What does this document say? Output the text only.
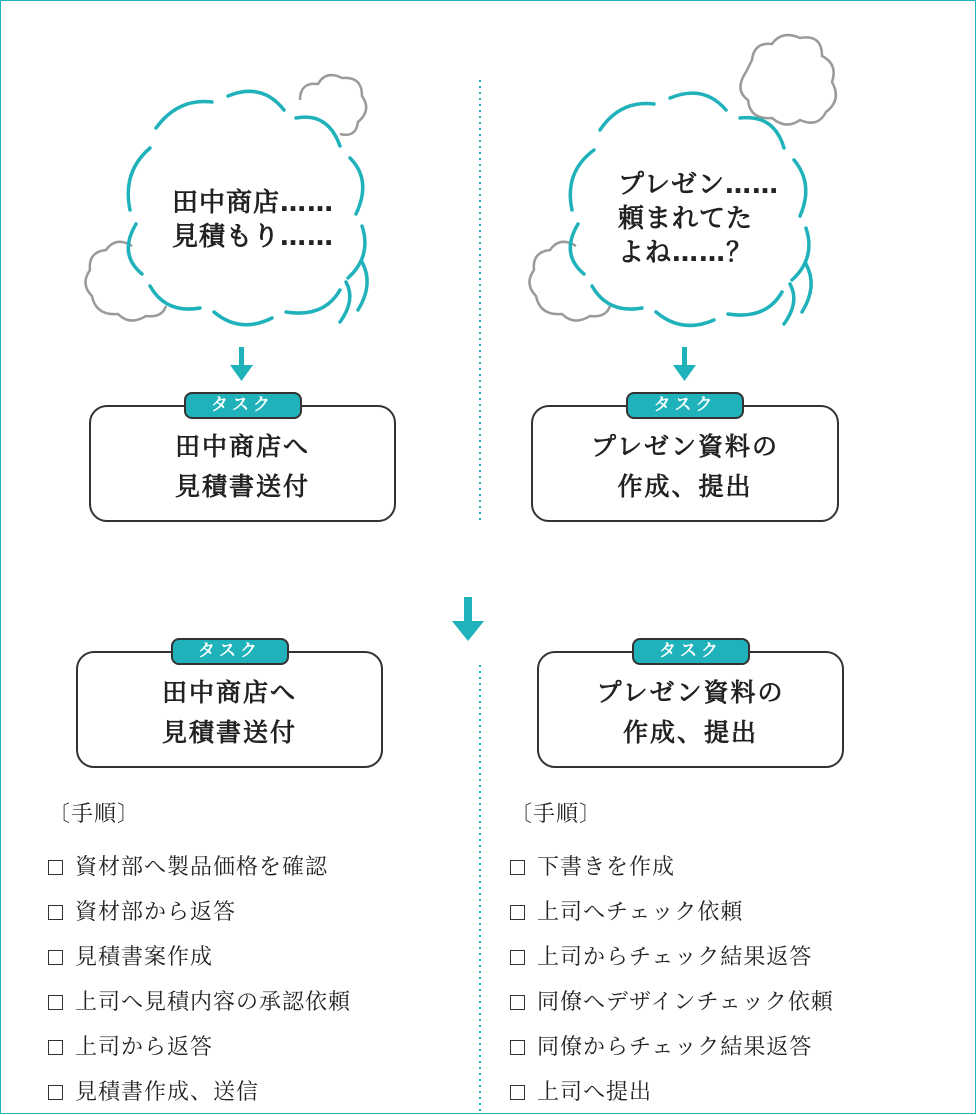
田中商店……
見積もり……
プレゼン……
頼まれてた
よね……？
タスク
田中商店へ
見積書送付
タスク
プレゼン資料の
作成、提出
タスク
田中商店へ
見積書送付
タスク
プレゼン資料の
作成、提出
〔手順〕
資材部へ製品価格を確認
資材部から返答
見積書案作成
上司へ見積内容の承認依頼
上司から返答
見積書作成、送信
〔手順〕
下書きを作成
上司へチェック依頼
上司からチェック結果返答
同僚へデザインチェック依頼
同僚からチェック結果返答
上司へ提出
